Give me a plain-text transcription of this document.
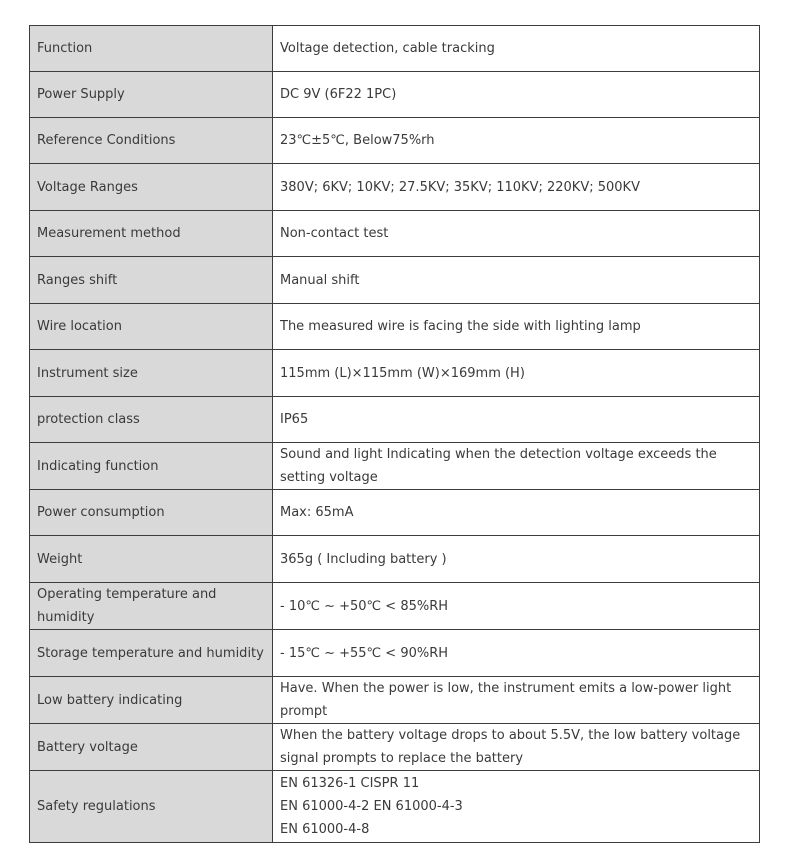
Function	Voltage detection, cable tracking

Power Supply	DC 9V (6F22 1PC)

Reference Conditions	23℃±5℃, Below75%rh

Voltage Ranges	380V; 6KV; 10KV; 27.5KV; 35KV; 110KV; 220KV; 500KV

Measurement method	Non-contact test

Ranges shift	Manual shift

Wire location	The measured wire is facing the side with lighting lamp

Instrument size	115mm (L)×115mm (W)×169mm (H)

protection class	IP65

Indicating function	Sound and light Indicating when the detection voltage exceeds the setting voltage

Power consumption	Max: 65mA

Weight	365g ( Including battery )

Operating temperature and humidity	- 10℃ ~ +50℃ < 85%RH

Storage temperature and humidity	- 15℃ ~ +55℃ < 90%RH

Low battery indicating	Have. When the power is low, the instrument emits a low-power light prompt

Battery voltage	When the battery voltage drops to about 5.5V, the low battery voltage signal prompts to replace the battery

Safety regulations	EN 61326-1 CISPR 11
EN 61000-4-2 EN 61000-4-3
EN 61000-4-8
